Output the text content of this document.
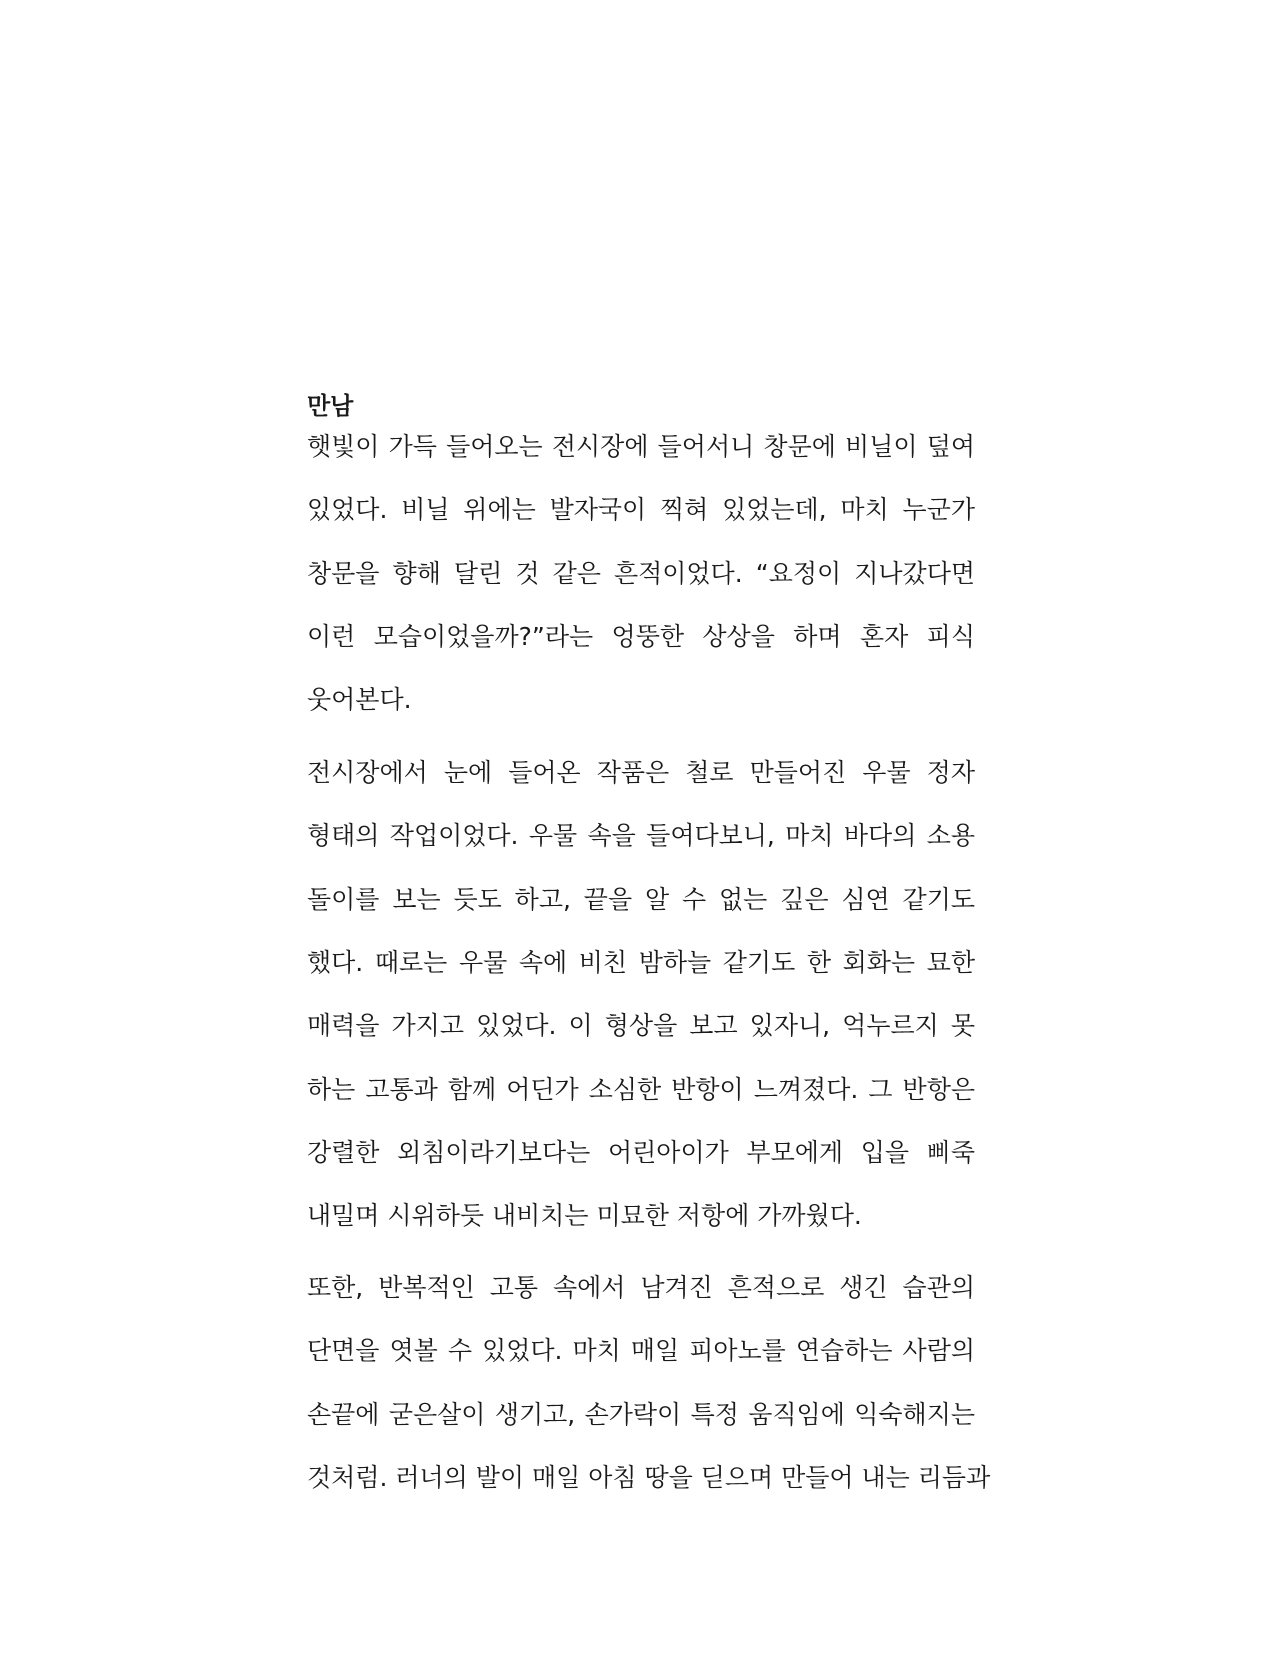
만남
햇빛이 가득 들어오는 전시장에 들어서니 창문에 비닐이 덮여
있었다. 비닐 위에는 발자국이 찍혀 있었는데, 마치 누군가
창문을 향해 달린 것 같은 흔적이었다. “요정이 지나갔다면
이런 모습이었을까?”라는 엉뚱한 상상을 하며 혼자 피식
웃어본다.
전시장에서 눈에 들어온 작품은 철로 만들어진 우물 정자
형태의 작업이었다. 우물 속을 들여다보니, 마치 바다의 소용
돌이를 보는 듯도 하고, 끝을 알 수 없는 깊은 심연 같기도
했다. 때로는 우물 속에 비친 밤하늘 같기도 한 회화는 묘한
매력을 가지고 있었다. 이 형상을 보고 있자니, 억누르지 못
하는 고통과 함께 어딘가 소심한 반항이 느껴졌다. 그 반항은
강렬한 외침이라기보다는 어린아이가 부모에게 입을 삐죽
내밀며 시위하듯 내비치는 미묘한 저항에 가까웠다.
또한, 반복적인 고통 속에서 남겨진 흔적으로 생긴 습관의
단면을 엿볼 수 있었다. 마치 매일 피아노를 연습하는 사람의
손끝에 굳은살이 생기고, 손가락이 특정 움직임에 익숙해지는
것처럼. 러너의 발이 매일 아침 땅을 딛으며 만들어 내는 리듬과
